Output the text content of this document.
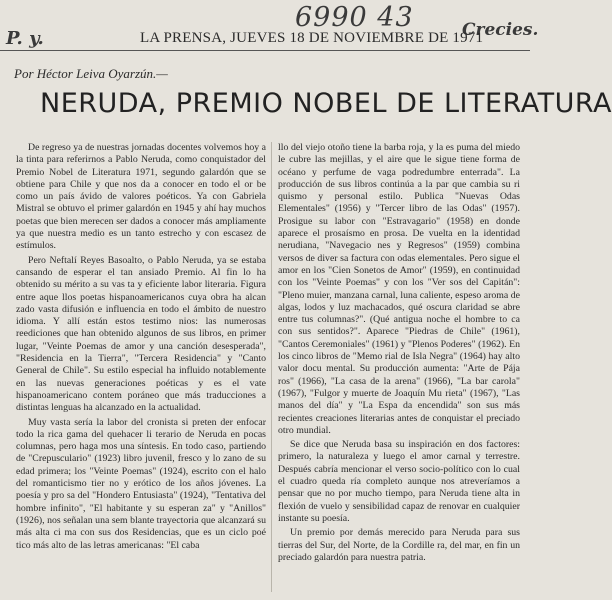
6990 43
P. y.	Crecies.
LA PRENSA, JUEVES 18 DE NOVIEMBRE DE 1971
Por Héctor Leiva Oyarzún.—
NERUDA, PREMIO NOBEL DE LITERATURA

De regreso ya de nuestras jornadas docentes volvemos hoy a la tinta para referirnos a Pablo Neruda, como conquistador del Premio Nobel de Literatura 1971, segundo galardón que se obtiene para Chile y que nos da a conocer en todo el or be como un país ávido de valores poéticos. Ya con Gabriela Mistral se obtuvo el primer galardón en 1945 y ahí hay muchos poetas que bien merecen ser dados a conocer más ampliamente ya que nuestra medio es un tanto estrecho y con escasez de estímulos.

Pero Neftalí Reyes Basoalto, o Pablo Neruda, ya se estaba cansando de esperar el tan ansiado Premio. Al fin lo ha obtenido su mérito a su vas ta y eficiente labor literaria. Figura entre aque llos poetas hispanoamericanos cuya obra ha alcan zado vasta difusión e influencia en todo el ámbito de nuestro idioma. Y allí están estos testimo nios: las numerosas reediciones que han obtenido algunos de sus libros, en primer lugar, "Veinte Poemas de amor y una canción desesperada", "Residencia en la Tierra", "Tercera Residencia" y "Canto General de Chile". Su estilo especial ha influido notablemente en las nuevas generaciones poéticas y es el vate hispanoamericano contem poráneo que más traducciones a distintas lenguas ha alcanzado en la actualidad.

Muy vasta sería la labor del cronista si preten der enfocar todo la rica gama del quehacer li terario de Neruda en pocas columnas, pero haga mos una síntesis. En todo caso, partiendo de "Crepusculario" (1923) libro juvenil, fresco y lo zano de su edad primera; los "Veinte Poemas" (1924), escrito con el halo del romanticismo tier no y erótico de los años jóvenes. La poesía y pro sa del "Hondero Entusiasta" (1924), "Tentativa del hombre infinito", "El habitante y su esperan za" y "Anillos" (1926), nos señalan una sem blante trayectoria que alcanzará su más alta ci ma con sus dos Residencias, que es un ciclo poé tico más alto de las letras americanas: "El caba

llo del viejo otoño tiene la barba roja, y la es puma del miedo le cubre las mejillas, y el aire que le sigue tiene forma de océano y perfume de vaga podredumbre enterrada". La producción de sus libros continúa a la par que cambia su ri quismo y personal estilo. Publica "Nuevas Odas Elementales" (1956) y "Tercer libro de las Odas" (1957). Prosigue su labor con "Estravagario" (1958) en donde aparece el prosaísmo en prosa. De vuelta en la identidad nerudiana, "Navegacio nes y Regresos" (1959) combina versos de diver sa factura con odas elementales. Pero sigue el amor en los "Cien Sonetos de Amor" (1959), en continuidad con los "Veinte Poemas" y con los "Ver sos del Capitán": "Pleno muier, manzana carnal, luna caliente, espeso aroma de algas, lodos y luz machacados, qué oscura claridad se abre entre tus columnas?". (Qué antigua noche el hombre to ca con sus sentidos?". Aparece "Piedras de Chile" (1961), "Cantos Ceremoniales" (1961) y "Plenos Poderes" (1962). En los cinco libros de "Memo rial de Isla Negra" (1964) hay alto valor docu mental. Su producción aumenta: "Arte de Pája ros" (1966), "La casa de la arena" (1966), "La bar carola" (1967), "Fulgor y muerte de Joaquín Mu rieta" (1967), "Las manos del día" y "La Espa da encendida" son sus más recientes creaciones literarias antes de conquistar el preciado otro mundial.

Se dice que Neruda basa su inspiración en dos factores: primero, la naturaleza y luego el amor carnal y terrestre. Después cabría mencionar el verso socio-político con lo cual el cuadro queda ría completo aunque nos atreveríamos a pensar que no por mucho tiempo, para Neruda tiene alta in flexión de vuelo y sensibilidad capaz de renovar en cualquier instante su poesía.

Un premio por demás merecido para Neruda para sus tierras del Sur, del Norte, de la Cordille ra, del mar, en fin un preciado galardón para nuestra patria.
